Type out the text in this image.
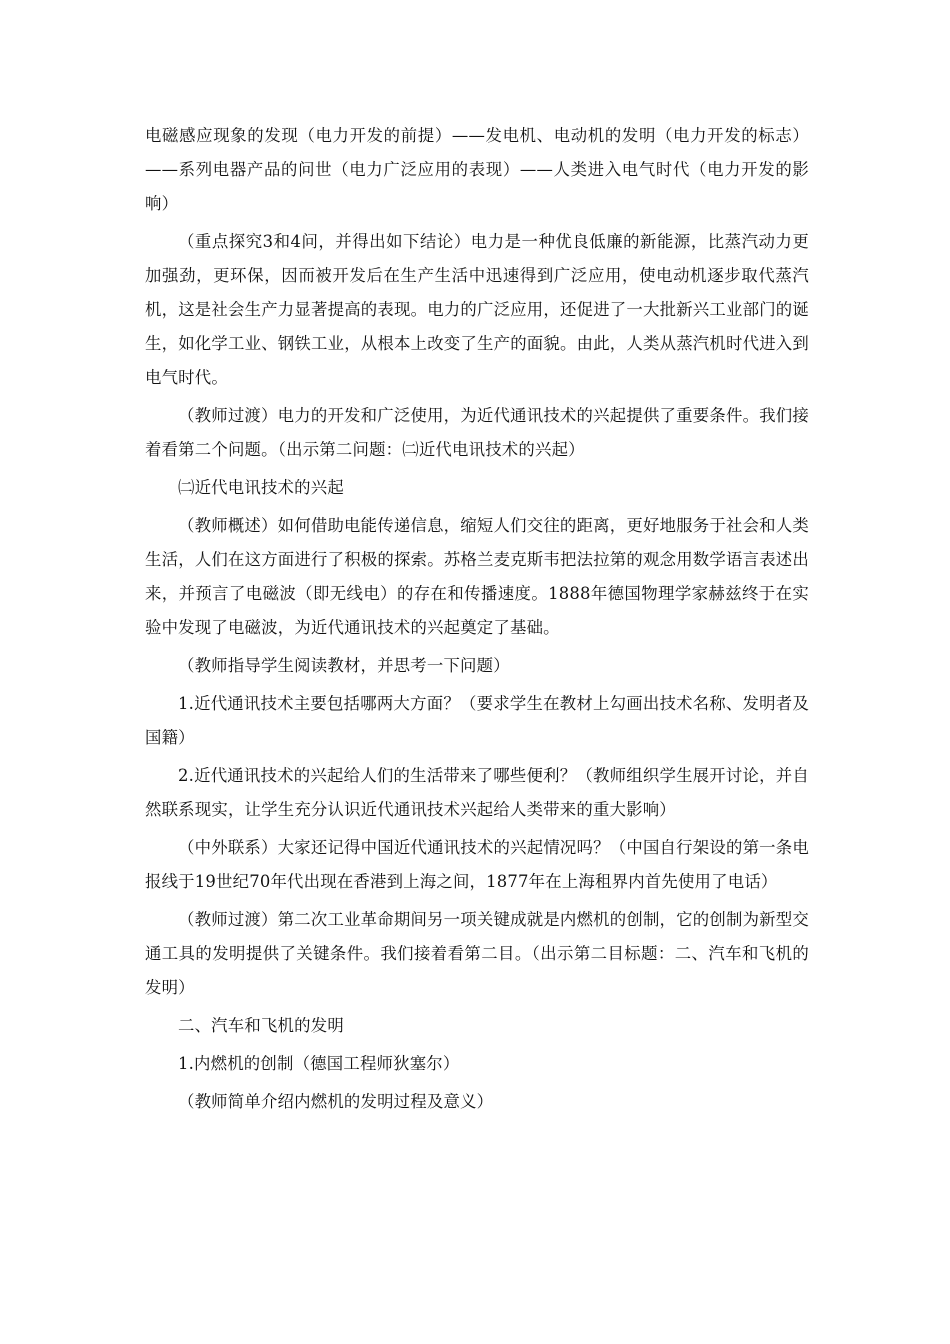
电磁感应现象的发现（电力开发的前提）——发电机、电动机的发明（电力开发的标志）——系列电器产品的问世（电力广泛应用的表现）——人类进入电气时代（电力开发的影响）

（重点探究3和4问，并得出如下结论）电力是一种优良低廉的新能源，比蒸汽动力更加强劲，更环保，因而被开发后在生产生活中迅速得到广泛应用，使电动机逐步取代蒸汽机，这是社会生产力显著提高的表现。电力的广泛应用，还促进了一大批新兴工业部门的诞生，如化学工业、钢铁工业，从根本上改变了生产的面貌。由此，人类从蒸汽机时代进入到电气时代。

（教师过渡）电力的开发和广泛使用，为近代通讯技术的兴起提供了重要条件。我们接着看第二个问题。（出示第二问题：㈡近代电讯技术的兴起）

㈡近代电讯技术的兴起

（教师概述）如何借助电能传递信息，缩短人们交往的距离，更好地服务于社会和人类生活，人们在这方面进行了积极的探索。苏格兰麦克斯韦把法拉第的观念用数学语言表述出来，并预言了电磁波（即无线电）的存在和传播速度。1888年德国物理学家赫兹终于在实验中发现了电磁波，为近代通讯技术的兴起奠定了基础。

（教师指导学生阅读教材，并思考一下问题）

1.近代通讯技术主要包括哪两大方面？（要求学生在教材上勾画出技术名称、发明者及国籍）

2.近代通讯技术的兴起给人们的生活带来了哪些便利？（教师组织学生展开讨论，并自然联系现实，让学生充分认识近代通讯技术兴起给人类带来的重大影响）

（中外联系）大家还记得中国近代通讯技术的兴起情况吗？（中国自行架设的第一条电报线于19世纪70年代出现在香港到上海之间，1877年在上海租界内首先使用了电话）

（教师过渡）第二次工业革命期间另一项关键成就是内燃机的创制，它的创制为新型交通工具的发明提供了关键条件。我们接着看第二目。（出示第二目标题：二、汽车和飞机的发明）

二、汽车和飞机的发明

1.内燃机的创制（德国工程师狄塞尔）

（教师简单介绍内燃机的发明过程及意义）
